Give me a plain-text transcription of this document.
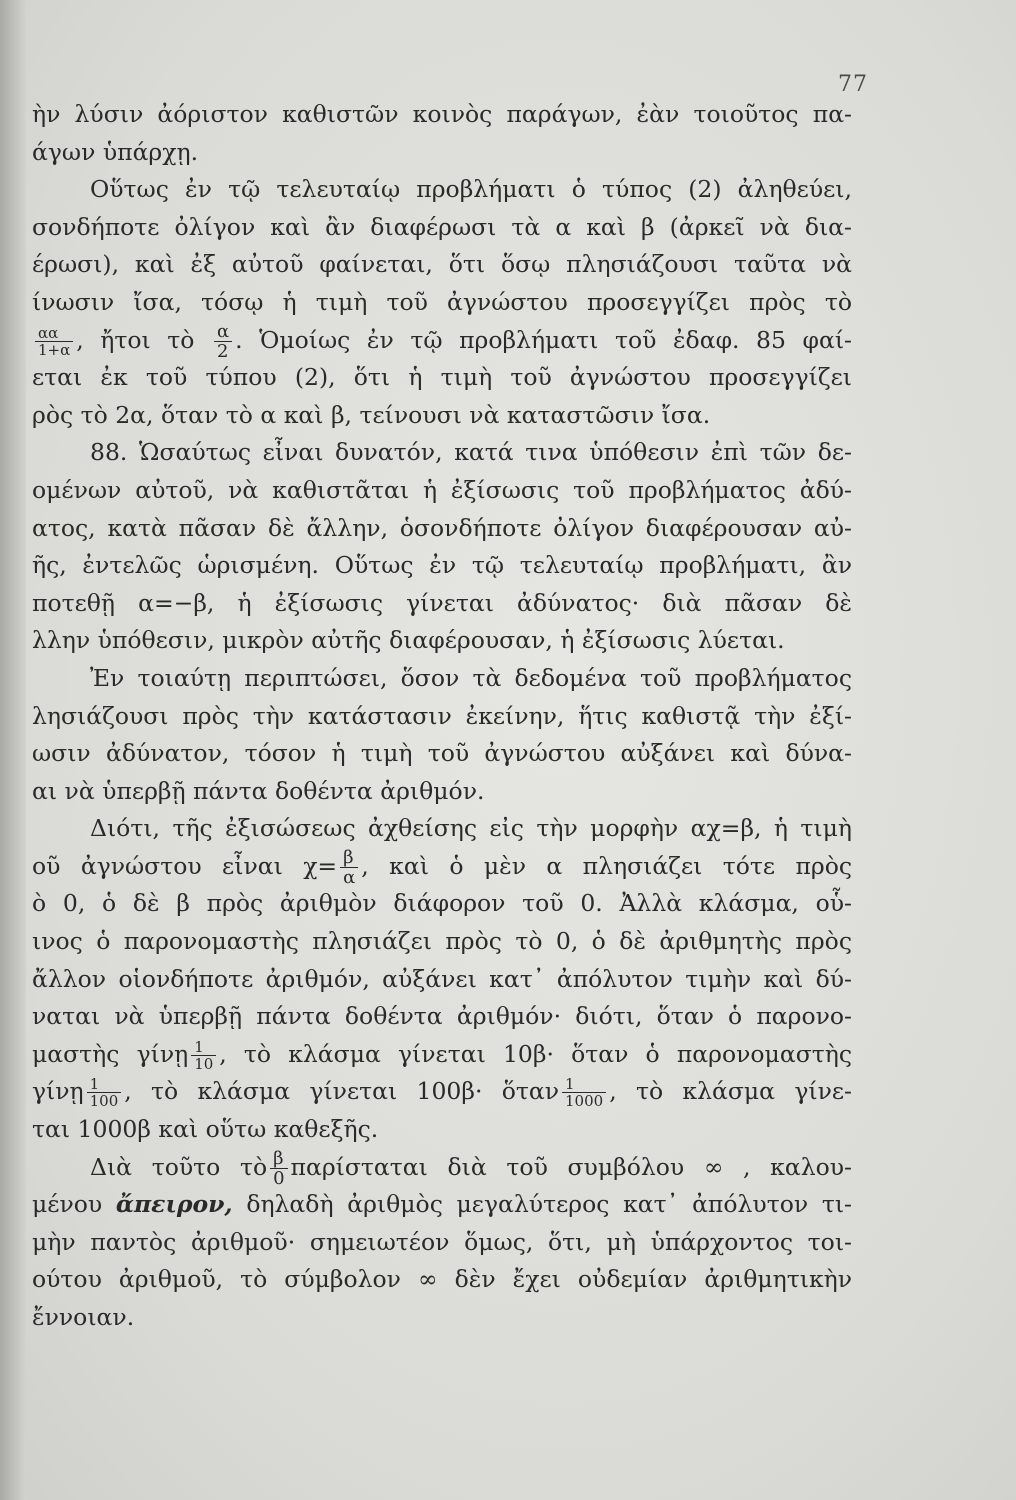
77
ὴν λύσιν ἀόριστον καθιστῶν κοινὸς παράγων, ἐὰν τοιοῦτος πα-
άγων ὑπάρχῃ.
Οὕτως ἐν τῷ τελευταίῳ προβλήματι ὁ τύπος (2) ἀληθεύει,
σονδήποτε ὀλίγον καὶ ἂν διαφέρωσι τὰ α καὶ β (ἀρκεῖ νὰ δια-
έρωσι), καὶ ἐξ αὐτοῦ φαίνεται, ὅτι ὅσῳ πλησιάζουσι ταῦτα νὰ
ίνωσιν ἴσα, τόσῳ ἡ τιμὴ τοῦ ἀγνώστου προσεγγίζει πρὸς τὸ
$\frac{\alpha\alpha}{1+\alpha}$ , ἤτοι τὸ $\frac{\alpha}{2}$ . Ὁμοίως ἐν τῷ προβλήματι τοῦ ἐδαφ. 85 φαί-
εται ἐκ τοῦ τύπου (2), ὅτι ἡ τιμὴ τοῦ ἀγνώστου προσεγγίζει
ρὸς τὸ 2α, ὅταν τὸ α καὶ β, τείνουσι νὰ καταστῶσιν ἴσα.
88. Ὡσαύτως εἶναι δυνατόν, κατά τινα ὑπόθεσιν ἐπὶ τῶν δε-
ομένων αὐτοῦ, νὰ καθιστᾶται ἡ ἐξίσωσις τοῦ προβλήματος ἀδύ-
ατος, κατὰ πᾶσαν δὲ ἄλλην, ὁσονδήποτε ὀλίγον διαφέρουσαν αὐ-
ῆς, ἐντελῶς ὡρισμένη. Οὕτως ἐν τῷ τελευταίῳ προβλήματι, ἂν
ποτεθῇ α=−β, ἡ ἐξίσωσις γίνεται ἀδύνατος· διὰ πᾶσαν δὲ
λλην ὑπόθεσιν, μικρὸν αὐτῆς διαφέρουσαν, ἡ ἐξίσωσις λύεται.
Ἐν τοιαύτῃ περιπτώσει, ὅσον τὰ δεδομένα τοῦ προβλήματος
λησιάζουσι πρὸς τὴν κατάστασιν ἐκείνην, ἥτις καθιστᾷ τὴν ἐξί-
ωσιν ἀδύνατον, τόσον ἡ τιμὴ τοῦ ἀγνώστου αὐξάνει καὶ δύνα-
αι νὰ ὑπερβῇ πάντα δοθέντα ἀριθμόν.
Διότι, τῆς ἐξισώσεως ἀχθείσης εἰς τὴν μορφὴν αχ=β, ἡ τιμὴ
οῦ ἀγνώστου εἶναι $\chi= \frac{\beta}{\alpha}$ , καὶ ὁ μὲν α πλησιάζει τότε πρὸς
ὸ 0, ὁ δὲ β πρὸς ἀριθμὸν διάφορον τοῦ 0. Ἀλλὰ κλάσμα, οὗ-
ινος ὁ παρονομαστὴς πλησιάζει πρὸς τὸ 0, ὁ δὲ ἀριθμητὴς πρὸς
ἄλλον οἱονδήποτε ἀριθμόν, αὐξάνει κατ᾽ ἀπόλυτον τιμὴν καὶ δύ-
ναται νὰ ὑπερβῇ πάντα δοθέντα ἀριθμόν· διότι, ὅταν ὁ παρονο-
μαστὴς γίνῃ $\frac{1}{10}$ , τὸ κλάσμα γίνεται 10β· ὅταν ὁ παρονομαστὴς
γίνῃ $\frac{1}{100}$ , τὸ κλάσμα γίνεται 100β· ὅταν $\frac{1}{1000}$ , τὸ κλάσμα γίνε-
ται 1000β καὶ οὕτω καθεξῆς.
Διὰ τοῦτο τὸ $\frac{\beta}{0}$ παρίσταται διὰ τοῦ συμβόλου ∞ , καλου-
μένου ἄπειρον, δηλαδὴ ἀριθμὸς μεγαλύτερος κατ᾽ ἀπόλυτον τι-
μὴν παντὸς ἀριθμοῦ· σημειωτέον ὅμως, ὅτι, μὴ ὑπάρχοντος τοι-
ούτου ἀριθμοῦ, τὸ σύμβολον ∞ δὲν ἔχει οὐδεμίαν ἀριθμητικὴν
ἔννοιαν.
